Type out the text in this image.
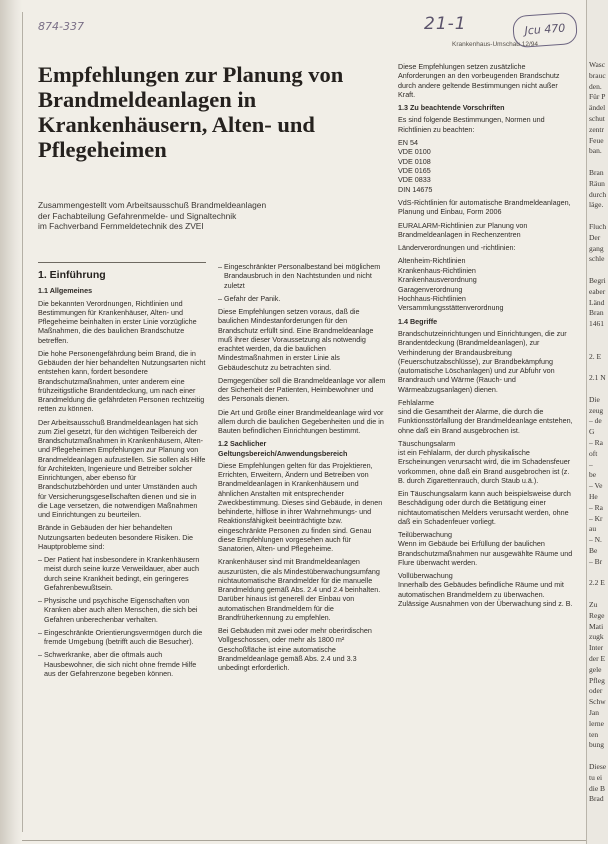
874-337	21-1	Jcu 470
Krankenhaus-Umschau 12/94
Empfehlungen zur Planung von Brandmeldeanlagen in Krankenhäusern, Alten- und Pflegeheimen
Zusammengestellt vom Arbeitsausschuß Brandmeldeanlagen
der Fachabteilung Gefahrenmelde- und Signaltechnik
im Fachverband Fernmeldetechnik des ZVEI
1. Einführung
1.1 Allgemeines

Die bekannten Verordnungen, Richtlinien und Bestimmungen für Krankenhäuser, Alten- und Pflegeheime beinhalten in erster Linie vorzügliche Maßnahmen, die des baulichen Brandschutze betreffen.

Die hohe Personengefährdung beim Brand, die in Gebäuden der hier behandelten Nutzungsarten nicht entstehen kann, fordert besondere Brandschutzmaßnahmen, unter anderem eine frühzeitigstliche Brandentdeckung, um nach einer Brandmeldung die gefährdeten Personen rechtzeitig retten zu können.

Der Arbeitsausschuß Brandmeldeanlagen hat sich zum Ziel gesetzt, für den wichtigen Teilbereich der Brandschutzmaßnahmen in Krankenhäusern, Alten- und Pflegeheimen Empfehlungen zur Planung von Brandmeldeanlagen aufzustellen. Sie sollen als Hilfe für Architekten, Ingenieure und Betreiber solcher Einrichtungen, aber ebenso für Brandschutzbehörden und unter Umständen auch für Versicherungsgesellschaften dienen und sie in die Lage versetzen, die notwendigen Maßnahmen und Einrichtungen zu beurteilen.

Brände in Gebäuden der hier behandelten Nutzungsarten bedeuten besondere Risiken. Die Hauptprobleme sind:

– Der Patient hat insbesondere in Krankenhäusern meist durch seine kurze Verweildauer, aber auch durch seine Krankheit bedingt, ein geringeres Gefahrenbewußtsein.

– Physische und psychische Eigenschaften von Kranken aber auch alten Menschen, die sich bei Gefahren unberechenbar verhalten.

– Eingeschränkte Orientierungsvermögen durch die fremde Umgebung (betrifft auch die Besucher).

– Schwerkranke, aber die oftmals auch Hausbewohner, die sich nicht ohne fremde Hilfe aus der Gefahrenzone begeben können.

– Eingeschränkter Personalbestand bei möglichem Brandausbruch in den Nachtstunden und nicht zuletzt

– Gefahr der Panik.

Diese Empfehlungen setzen voraus, daß die baulichen Mindestanforderungen für den Brandschutz erfüllt sind. Eine Brandmeldeanlage muß ihrer dieser Voraussetzung als notwendig erachtet werden, da die baulichen Mindestmaßnahmen in erster Linie als Gebäudeschutz zu betrachten sind.

Demgegenüber soll die Brandmeldeanlage vor allem der Sicherheit der Patienten, Heimbewohner und des Personals dienen.

Die Art und Größe einer Brandmeldeanlage wird vor allem durch die baulichen Gegebenheiten und die in Bauten befindlichen Einrichtungen bestimmt.

1.2 Sachlicher Geltungsbereich/Anwendungsbereich

Diese Empfehlungen gelten für das Projektieren, Errichten, Erweitern, Ändern und Betreiben von Brandmeldeanlagen in Krankenhäusern und ähnlichen Anstalten mit entsprechender Zweckbestimmung. Dieses sind Gebäude, in denen behinderte, hilflose in ihrer Wahrnehmungs- und Reaktionsfähigkeit beeinträchtigte bzw. eingeschränkte Personen zu finden sind. Genau diese Empfehlungen vorgesehen auch für Sanatorien, Alten- und Pflegeheime.

Krankenhäuser sind mit Brandmeldeanlagen auszurüsten, die als Mindestüberwachungsumfang nichtautomatische Brandmelder für die manuelle Brandmeldung gemäß Abs. 2.4 und 2.4 beinhalten. Darüber hinaus ist generell der Einbau von automatischen Brandmeldern für die Brandfrüherkennung zu empfehlen.

Bei Gebäuden mit zwei oder mehr oberirdischen Vollgeschossen, oder mehr als 1800 m² Geschoßfläche ist eine automatische Brandmeldeanlage gemäß Abs. 2.4 und 3.3 unbedingt erforderlich.

Diese Empfehlungen setzen zusätzliche Anforderungen an den vorbeugenden Brandschutz durch andere geltende Bestimmungen nicht außer Kraft.

1.3 Zu beachtende Vorschriften

Es sind folgende Bestimmungen, Normen und Richtlinien zu beachten:

EN 54
VDE 0100
VDE 0108
VDE 0165
VDE 0833
DIN 14675

VdS-Richtlinien für automatische Brandmeldeanlagen, Planung und Einbau, Form 2006

EURALARM-Richtlinien zur Planung von Brandmeldeanlagen in Rechenzentren

Länderverordnungen und -richtlinien:

Altenheim-Richtlinien
Krankenhaus-Richtlinien
Krankenhausverordnung
Garagenverordnung
Hochhaus-Richtlinien
Versammlungsstättenverordnung
1.4 Begriffe

Brandschutzeinrichtungen und Einrichtungen, die zur Brandentdeckung (Brandmeldeanlagen), zur Verhinderung der Brandausbreitung (Feuerschutzabschlüsse), zur Brandbekämpfung (automatische Löschanlagen) und zur Abfuhr von Brandrauch und Wärme (Rauch- und Wärmeabzugsanlagen) dienen.

Fehlalarme

sind die Gesamtheit der Alarme, die durch die Funktionsstörfallung der Brandmeldeanlage entstehen, ohne daß ein Brand ausgebrochen ist.

Täuschungsalarm

ist ein Fehlalarm, der durch physikalische Erscheinungen verursacht wird, die im Schadensfeuer vorkommen, ohne daß ein Brand ausgebrochen ist (z. B. durch Zigarettenrauch, durch Staub u.ä.).

Ein Täuschungsalarm kann auch beispielsweise durch Beschädigung oder durch die Betätigung einer nichtautomatischen Melders verursacht werden, ohne daß ein Schadenfeuer vorliegt.

Teilüberwachung

Wenn im Gebäude bei Erfüllung der baulichen Brandschutzmaßnahmen nur ausgewählte Räume und Flure überwacht werden.

Vollüberwachung

Innerhalb des Gebäudes befindliche Räume und mit automatischen Brandmeldern zu überwachen. Zulässige Ausnahmen von der Überwachung sind z. B.

Wasc
brauc
den.
Für P
ändel
schut
zentr
Feue
ban.
Bran
Räun
durch
läge.
Fluch
Der
gang
schle
Begri
eaber
Länd
Bran
1461
2. E
2.1 N
Die
zeug
– de
G
– Ra
oft
–
be
– Ve
He
– Ra
– Kr
au
– N.
Be
– Br
2.2 E
Zu
Rege
Mati
zugk
Inter
der E
gele
Pfleg
oder
Schw
Jan
lerne
ten
bung
Diese
tu ei
die B
Brad
